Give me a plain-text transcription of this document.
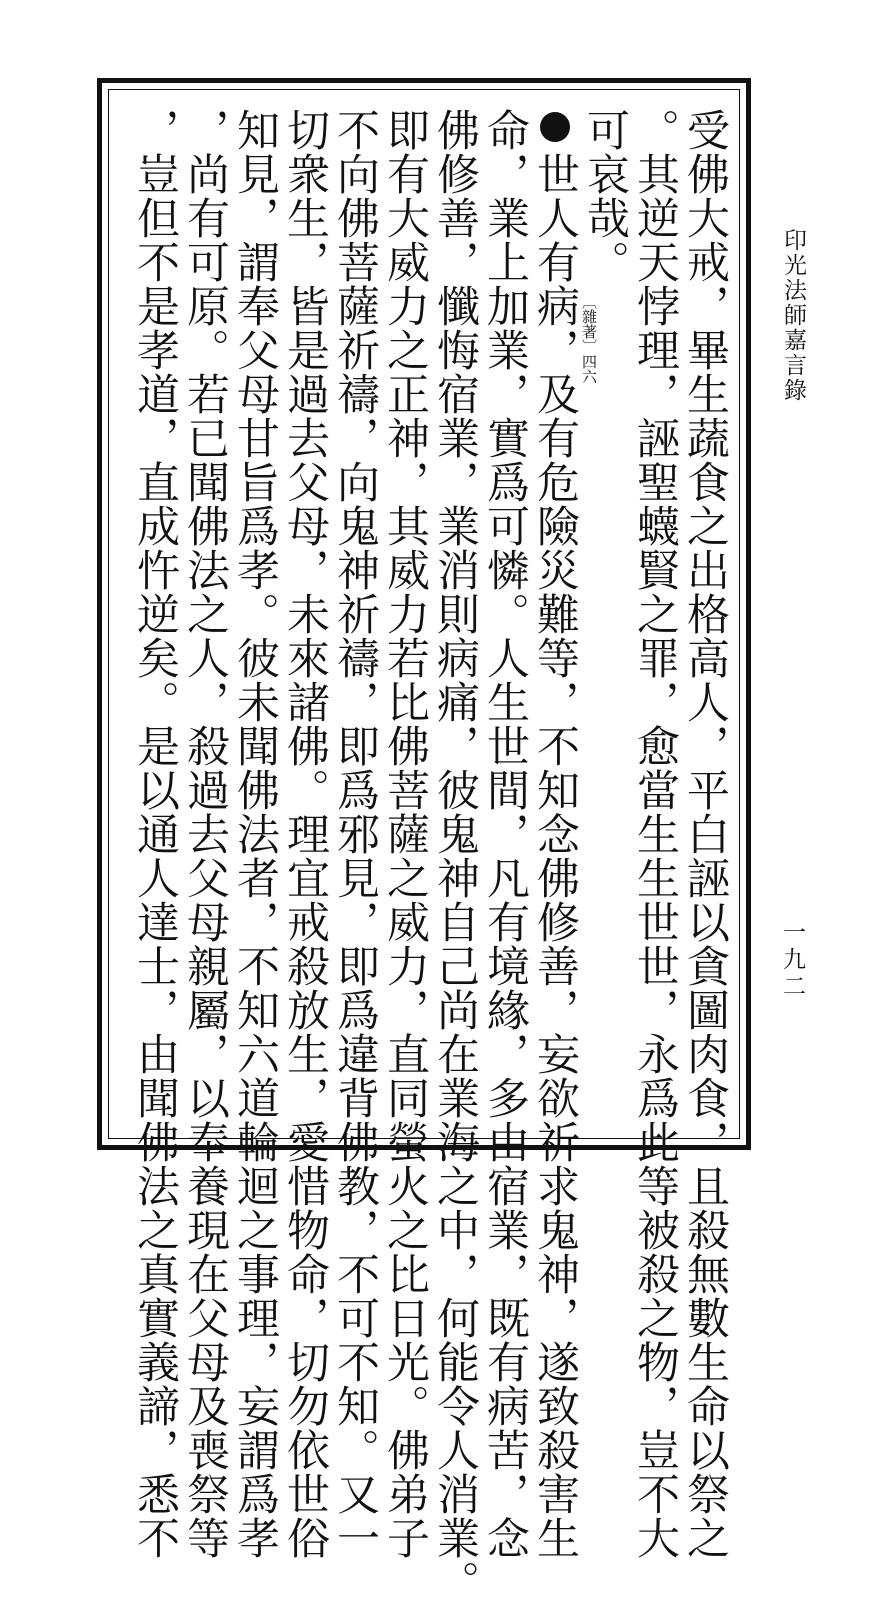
印光法師嘉言錄
一九二
受佛大戒，畢生蔬食之出格高人，平白誣以貪圖肉食，且殺無數生命以祭之
。其逆天悖理，誣聖蠛賢之罪，愈當生生世世，永爲此等被殺之物，豈不大
可哀哉。
〔雜著〕
四六
世人有病，及有危險災難等，不知念佛修善，妄欲祈求鬼神，遂致殺害生
命，業上加業，實爲可憐。人生世間，凡有境緣，多由宿業，既有病苦，念
佛修善，懺悔宿業，業消則病痛，彼鬼神自己尚在業海之中，何能令人消業。
即有大威力之正神，其威力若比佛菩薩之威力，直同螢火之比日光。佛弟子
不向佛菩薩祈禱，向鬼神祈禱，即爲邪見，即爲違背佛教，不可不知。又一
切衆生，皆是過去父母，未來諸佛。理宜戒殺放生，愛惜物命，切勿依世俗
知見，謂奉父母甘旨爲孝。彼未聞佛法者，不知六道輪迴之事理，妄謂爲孝
，尚有可原。若已聞佛法之人，殺過去父母親屬，以奉養現在父母及喪祭等
，豈但不是孝道，直成忤逆矣。是以通人達士，由聞佛法之真實義諦，悉不
